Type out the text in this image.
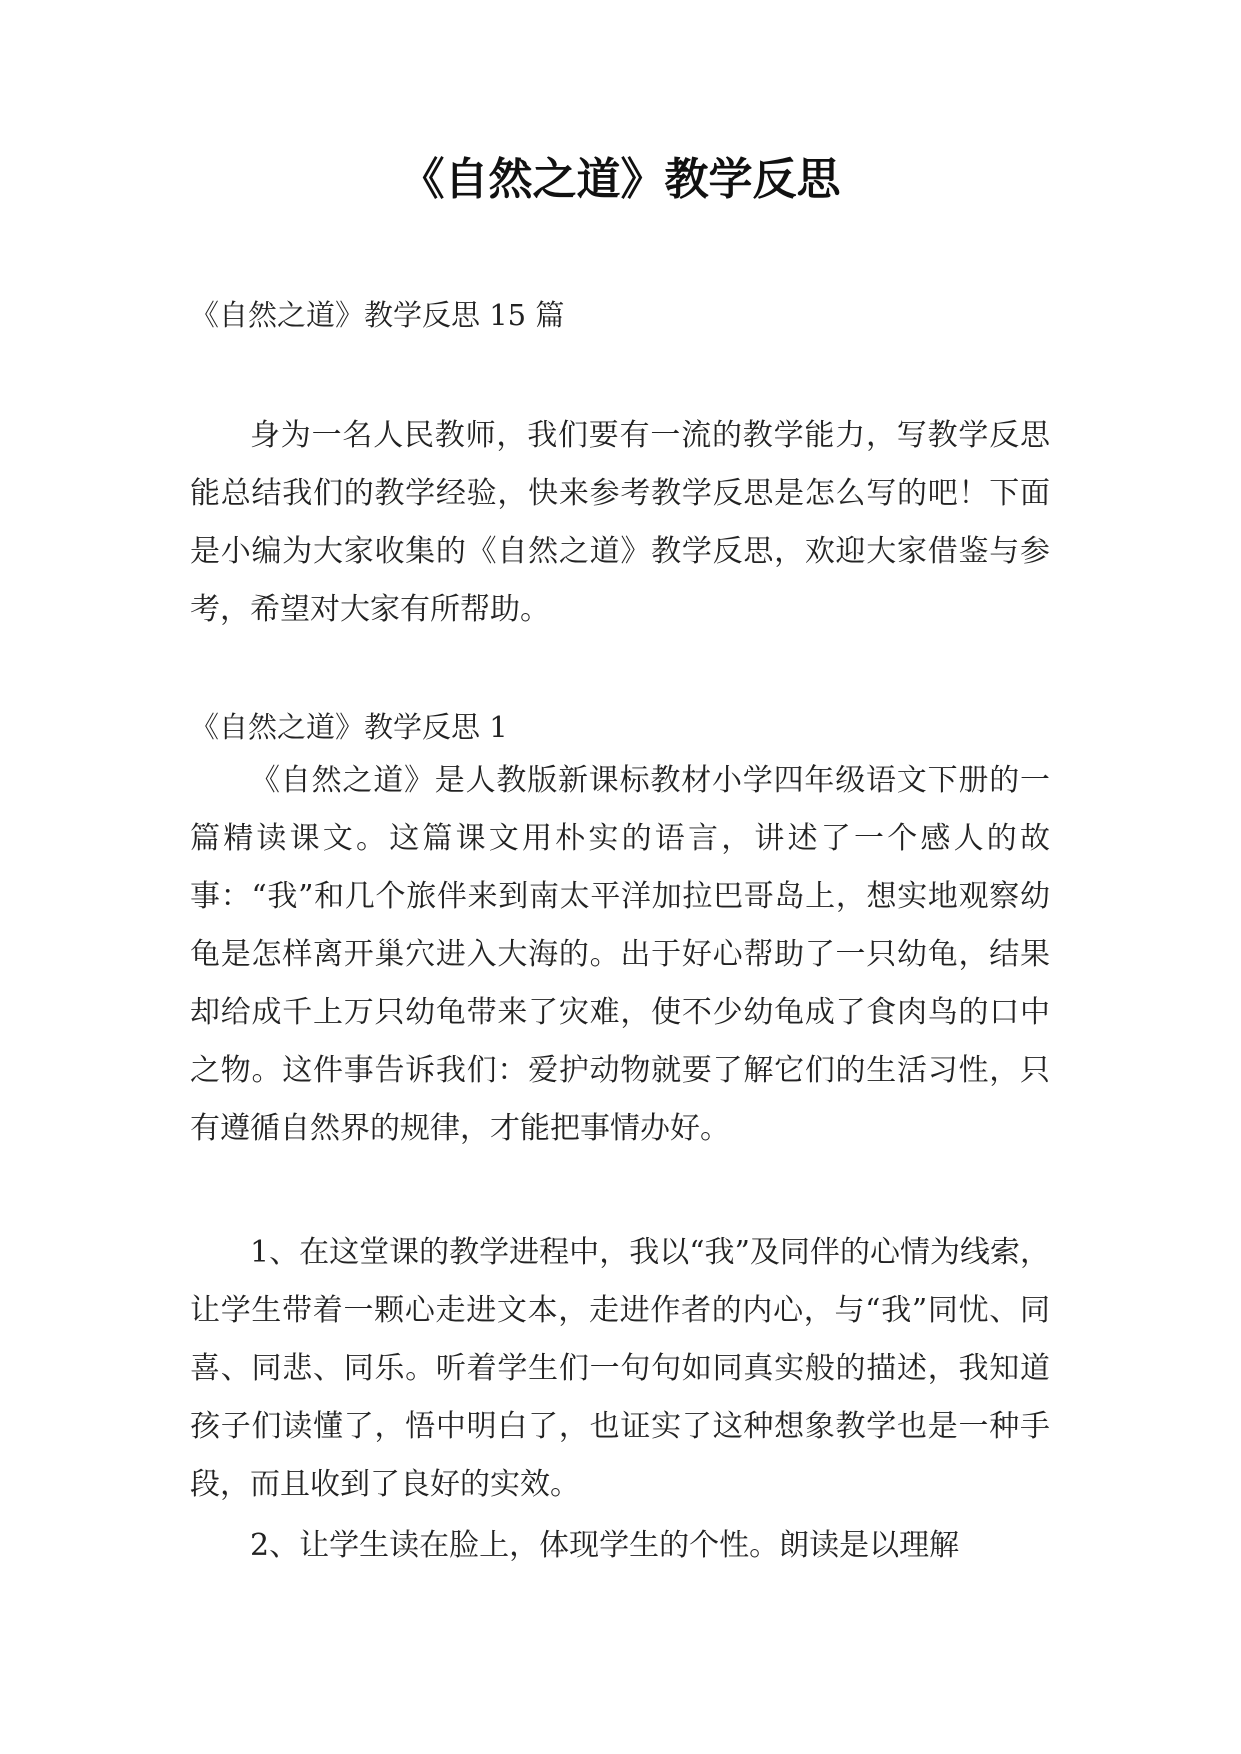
《自然之道》教学反思

《自然之道》教学反思 15 篇

身为一名人民教师，我们要有一流的教学能力，写教学反思能总结我们的教学经验，快来参考教学反思是怎么写的吧！下面是小编为大家收集的《自然之道》教学反思，欢迎大家借鉴与参考，希望对大家有所帮助。

《自然之道》教学反思 1

《自然之道》是人教版新课标教材小学四年级语文下册的一篇精读课文。这篇课文用朴实的语言，讲述了一个感人的故事：“我”和几个旅伴来到南太平洋加拉巴哥岛上，想实地观察幼龟是怎样离开巢穴进入大海的。出于好心帮助了一只幼龟，结果却给成千上万只幼龟带来了灾难，使不少幼龟成了食肉鸟的口中之物。这件事告诉我们：爱护动物就要了解它们的生活习性，只有遵循自然界的规律，才能把事情办好。

1、在这堂课的教学进程中，我以“我”及同伴的心情为线索，让学生带着一颗心走进文本，走进作者的内心，与“我”同忧、同喜、同悲、同乐。听着学生们一句句如同真实般的描述，我知道孩子们读懂了，悟中明白了，也证实了这种想象教学也是一种手段，而且收到了良好的实效。

2、让学生读在脸上，体现学生的个性。朗读是以理解
